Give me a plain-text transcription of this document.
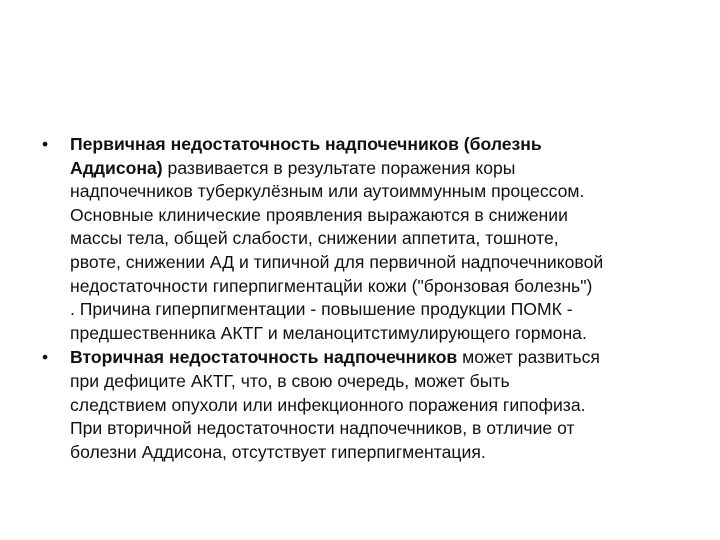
•	Первичная недостаточность надпочечников (болезнь
Аддисона) развивается в результате поражения коры
надпочечников туберкулёзным или аутоиммунным процессом.
Основные клинические проявления выражаются в снижении
массы тела, общей слабости, снижении аппетита, тошноте,
рвоте, снижении АД и типичной для первичной надпочечниковой
недостаточности гиперпигментацйи кожи ("бронзовая болезнь")
. Причина гиперпигментации - повышение продукции ПОМК -
предшественника АКТГ и меланоцитстимулирующего гормона.
•	Вторичная недостаточность надпочечников может развиться
при дефиците АКТГ, что, в свою очередь, может быть
следствием опухоли или инфекционного поражения гипофиза.
При вторичной недостаточности надпочечников, в отличие от
болезни Аддисона, отсутствует гиперпигментация.
